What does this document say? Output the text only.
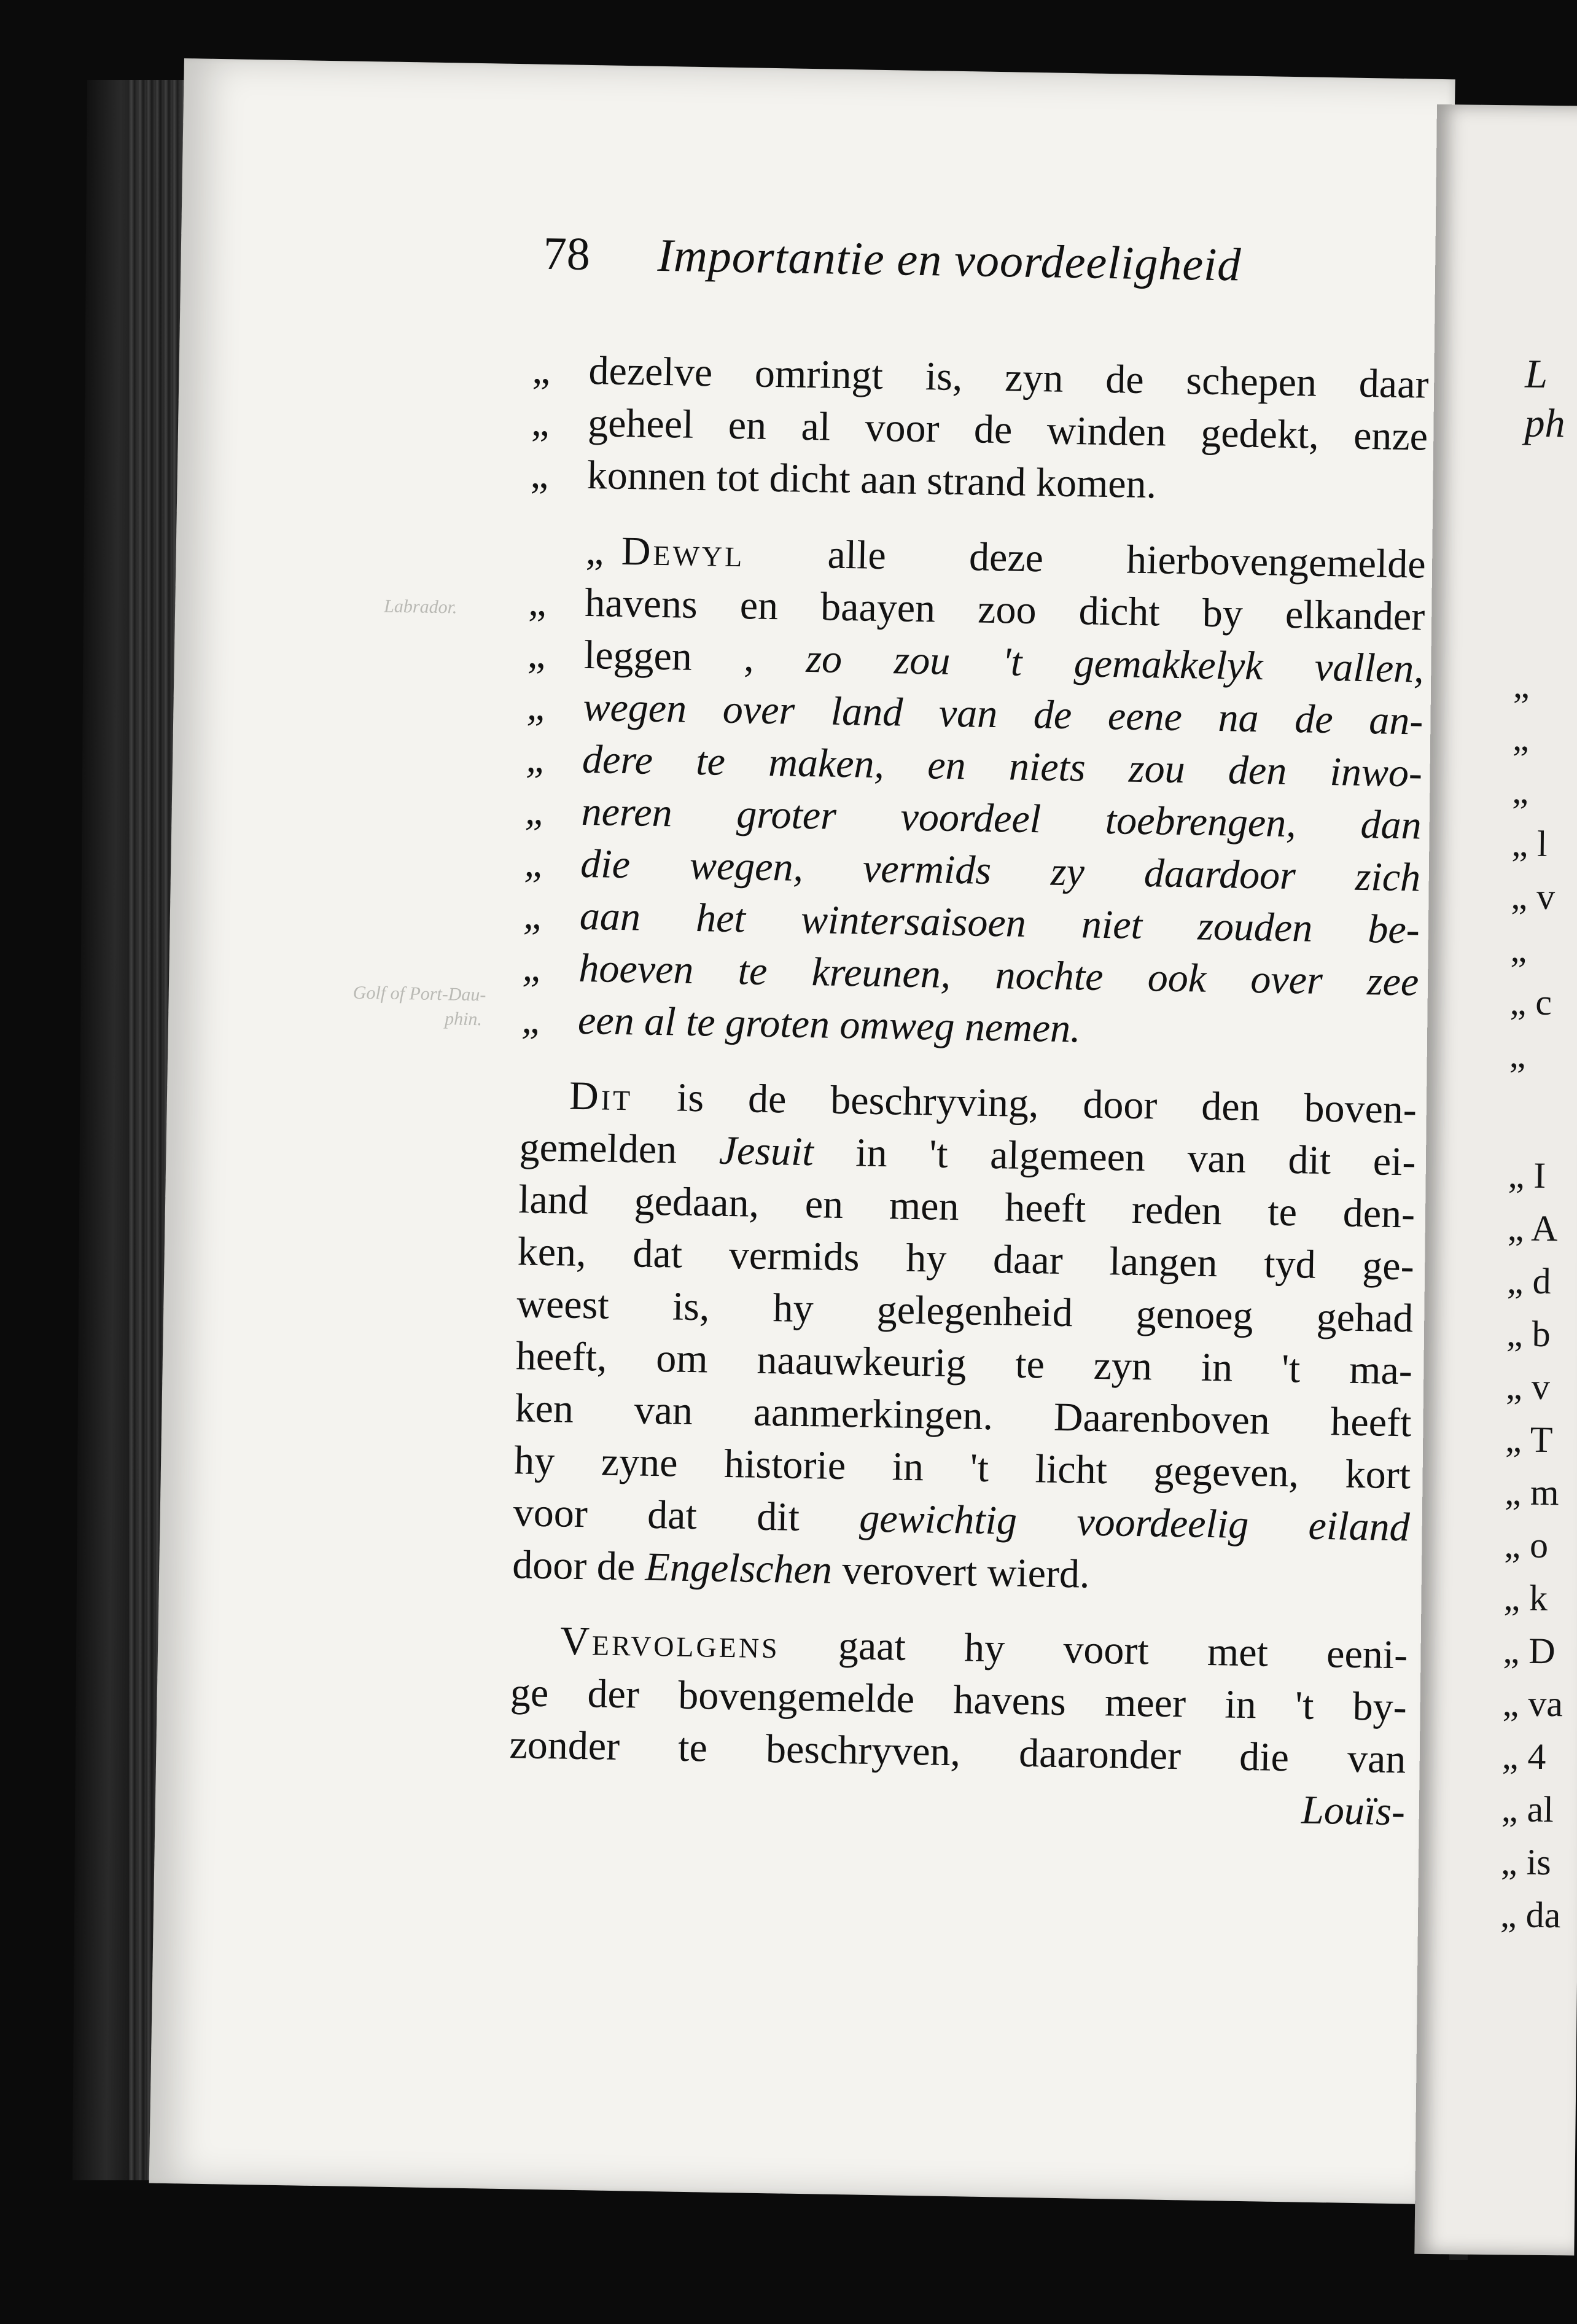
Labrador.
Golf of Port-Dau-
phin.
78 Importantie en voordeeligheid
„ dezelve omringt is, zyn de schepen daar
„ geheel en al voor de winden gedekt, enze
„ konnen tot dicht aan strand komen.
„ Dewyl alle deze hierbovengemelde
„ havens en baayen zoo dicht by elkander
„ leggen , zo zou 't gemakkelyk vallen,
„ wegen over land van de eene na de an-
„ dere te maken, en niets zou den inwo-
„ neren groter voordeel toebrengen, dan
„ die wegen, vermids zy daardoor zich
„ aan het wintersaisoen niet zouden be-
„ hoeven te kreunen, nochte ook over zee
„ een al te groten omweg nemen.
Dit is de beschryving, door den boven-
gemelden Jesuit in 't algemeen van dit ei-
land gedaan, en men heeft reden te den-
ken, dat vermids hy daar langen tyd ge-
weest is, hy gelegenheid genoeg gehad
heeft, om naauwkeurig te zyn in 't ma-
ken van aanmerkingen. Daarenboven heeft
hy zyne historie in 't licht gegeven, kort
voor dat dit gewichtig voordeelig eiland
door de Engelschen verovert wierd.
Vervolgens gaat hy voort met eeni-
ge der bovengemelde havens meer in 't by-
zonder te beschryven, daaronder die van
Louïs-
L
ph
„
„
„
„ l
„ v
„
„ c
„
„ I
„ A
„ d
„ b
„ v
„ T
„ m
„ o
„ k
„ D
„ va
„ 4
„ al
„ is
„ da
